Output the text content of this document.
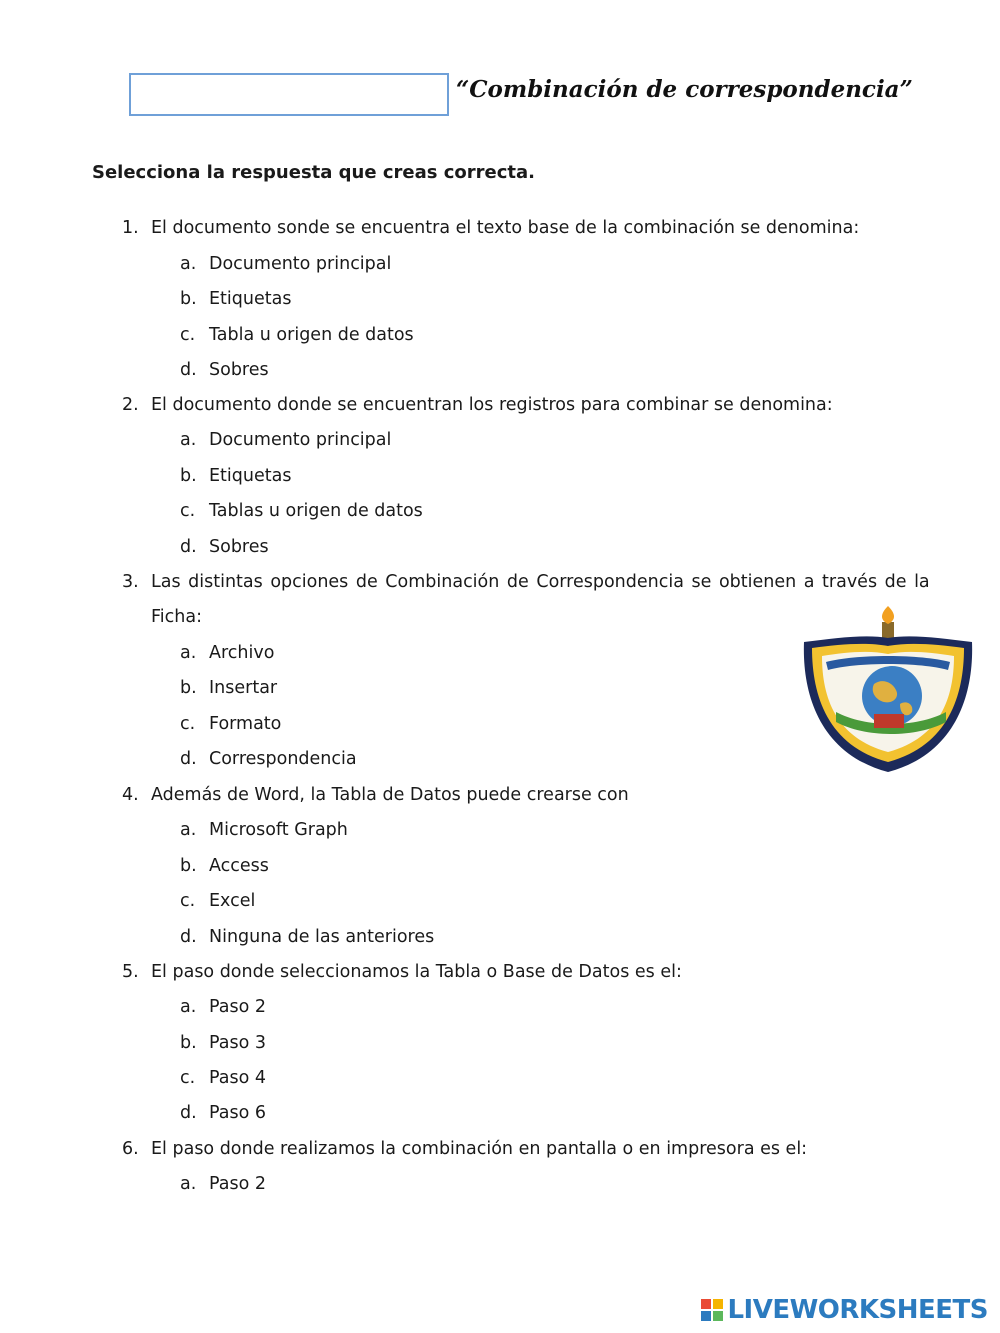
“Combinación de correspondencia”
Selecciona la respuesta que creas correcta.
1. El documento sonde se encuentra el texto base de la combinación se denomina:
a. Documento principal
b. Etiquetas
c. Tabla u origen de datos
d. Sobres
2. El documento donde se encuentran los registros para combinar se denomina:
a. Documento principal
b. Etiquetas
c. Tablas u origen de datos
d. Sobres
3. Las distintas opciones de Combinación de Correspondencia se obtienen a través de la
Ficha:
a. Archivo
b. Insertar
c. Formato
d. Correspondencia
4. Además de Word, la Tabla de Datos puede crearse con
a. Microsoft Graph
b. Access
c. Excel
d. Ninguna de las anteriores
5. El paso donde seleccionamos la Tabla o Base de Datos es el:
a. Paso 2
b. Paso 3
c. Paso 4
d. Paso 6
6. El paso donde realizamos la combinación en pantalla o en impresora es el:
a. Paso 2
LIVEWORKSHEETS
